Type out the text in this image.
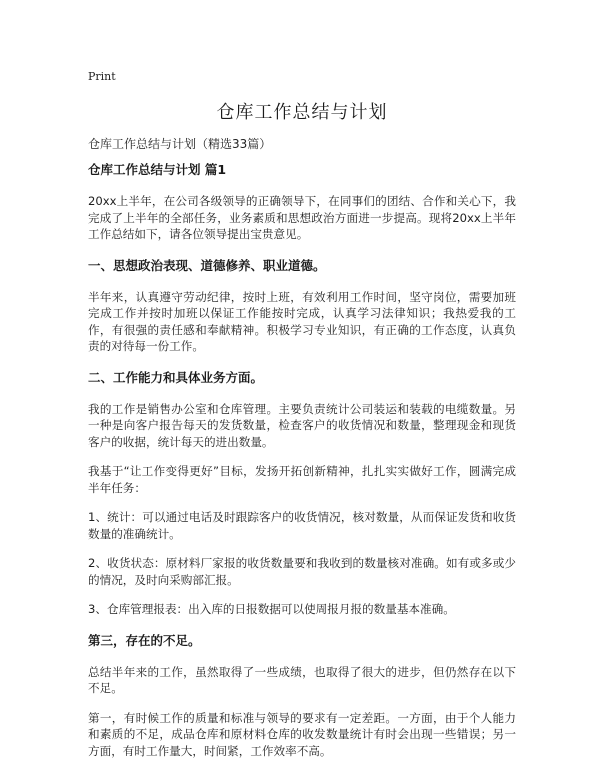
Print
仓库工作总结与计划
仓库工作总结与计划（精选33篇）
仓库工作总结与计划 篇1

20xx上半年，在公司各级领导的正确领导下，在同事们的团结、合作和关心下，我完成了上半年的全部任务，业务素质和思想政治方面进一步提高。现将20xx上半年工作总结如下，请各位领导提出宝贵意见。

一、思想政治表现、道德修养、职业道德。

半年来，认真遵守劳动纪律，按时上班，有效利用工作时间，坚守岗位，需要加班完成工作并按时加班以保证工作能按时完成，认真学习法律知识；我热爱我的工作，有很强的责任感和奉献精神。积极学习专业知识，有正确的工作态度，认真负责的对待每一份工作。

二、工作能力和具体业务方面。

我的工作是销售办公室和仓库管理。主要负责统计公司装运和装载的电缆数量。另一种是向客户报告每天的发货数量，检查客户的收货情况和数量，整理现金和现货客户的收据，统计每天的进出数量。

我基于“让工作变得更好”目标，发扬开拓创新精神，扎扎实实做好工作，圆满完成半年任务：

1、统计：可以通过电话及时跟踪客户的收货情况，核对数量，从而保证发货和收货数量的准确统计。

2、收货状态：原材料厂家报的收货数量要和我收到的数量核对准确。如有或多或少的情况，及时向采购部汇报。

3、仓库管理报表：出入库的日报数据可以使周报月报的数量基本准确。

第三，存在的不足。

总结半年来的工作，虽然取得了一些成绩，也取得了很大的进步，但仍然存在以下不足。

第一，有时候工作的质量和标准与领导的要求有一定差距。一方面，由于个人能力和素质的不足，成品仓库和原材料仓库的收发数量统计有时会出现一些错误；另一方面，有时工作量大，时间紧，工作效率不高。
